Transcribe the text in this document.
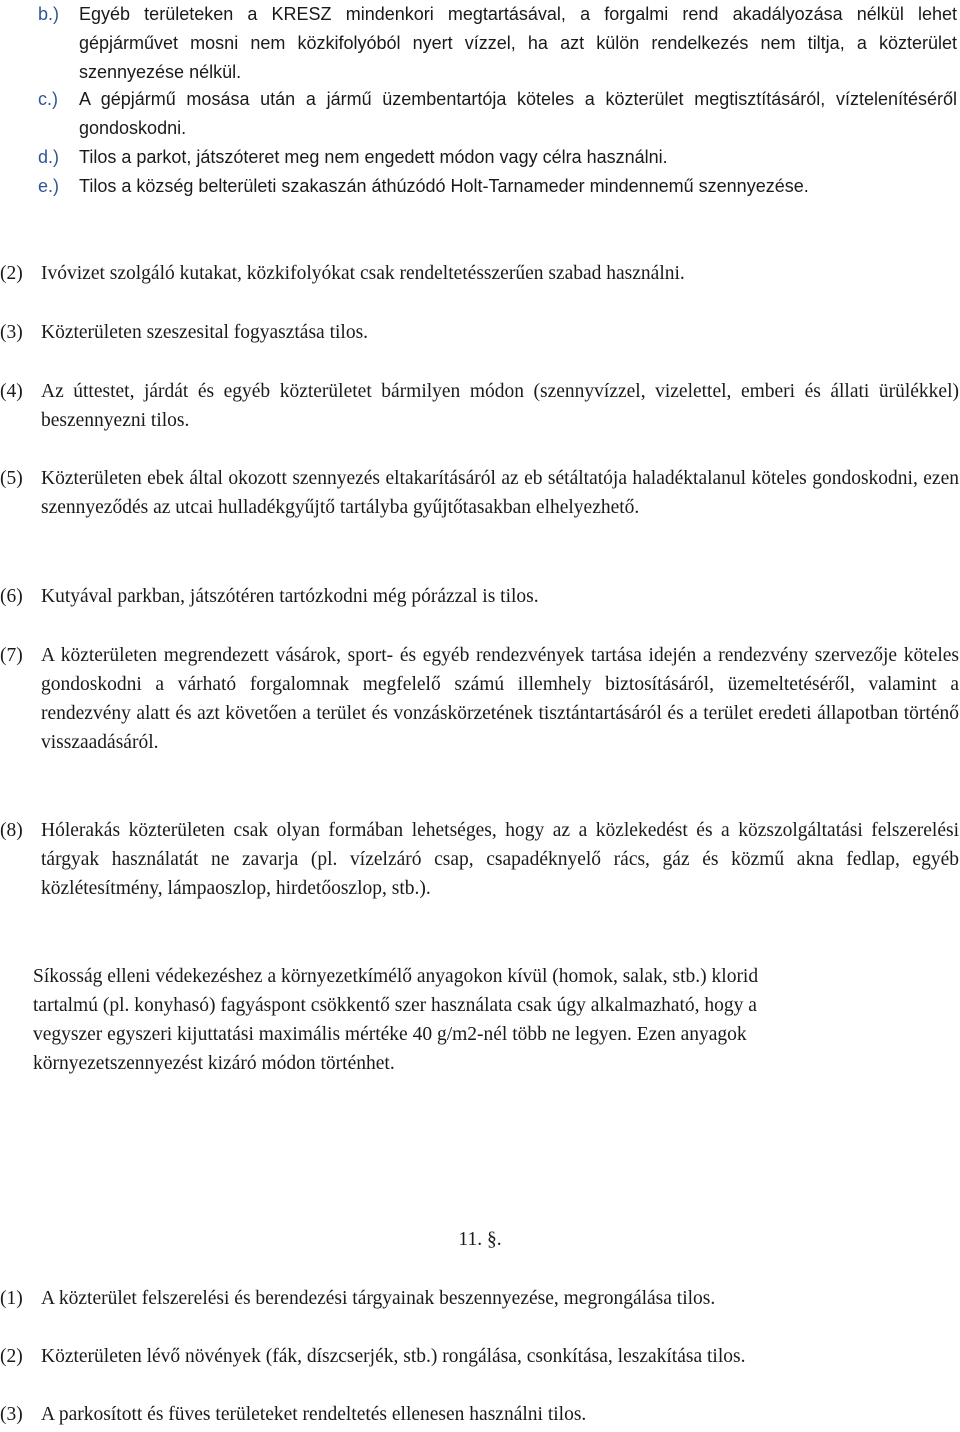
b.) Egyéb területeken a KRESZ mindenkori megtartásával, a forgalmi rend akadályozása nélkül lehet gépjárművet mosni nem közkifolyóból nyert vízzel, ha azt külön rendelkezés nem tiltja, a közterület szennyezése nélkül.
c.) A gépjármű mosása után a jármű üzembentartója köteles a közterület megtisztításáról, víztelenítéséről gondoskodni.
d.) Tilos a parkot, játszóteret meg nem engedett módon vagy célra használni.
e.) Tilos a község belterületi szakaszán áthúzódó Holt-Tarnameder mindennemű szennyezése.
(2) Ivóvizet szolgáló kutakat, közkifolyókat csak rendeltetésszerűen szabad használni.
(3) Közterületen szeszesital fogyasztása tilos.
(4) Az úttestet, járdát és egyéb közterületet bármilyen módon (szennyvízzel, vizelettel, emberi és állati ürülékkel) beszennyezni tilos.
(5) Közterületen ebek által okozott szennyezés eltakarításáról az eb sétáltatója haladéktalanul köteles gondoskodni, ezen szennyeződés az utcai hulladékgyűjtő tartályba gyűjtőtasakban elhelyezhető.
(6) Kutyával parkban, játszótéren tartózkodni még pórázzal is tilos.
(7) A közterületen megrendezett vásárok, sport- és egyéb rendezvények tartása idején a rendezvény szervezője köteles gondoskodni a várható forgalomnak megfelelő számú illemhely biztosításáról, üzemeltetéséről, valamint a rendezvény alatt és azt követően a terület és vonzáskörzetének tisztántartásáról és a terület eredeti állapotban történő visszaadásáról.
(8) Hólerakás közterületen csak olyan formában lehetséges, hogy az a közlekedést és a közszolgáltatási felszerelési tárgyak használatát ne zavarja (pl. vízelzáró csap, csapadéknyelő rács, gáz és közmű akna fedlap, egyéb közlétesítmény, lámpaoszlop, hirdetőoszlop, stb.).
Síkosság elleni védekezéshez a környezetkímélő anyagokon kívül (homok, salak, stb.) klorid tartalmú (pl. konyhasó) fagyáspont csökkentő szer használata csak úgy alkalmazható, hogy a vegyszer egyszeri kijuttatási maximális mértéke 40 g/m2-nél több ne legyen. Ezen anyagok környezetszennyezést kizáró módon történhet.
11. §.
(1) A közterület felszerelési és berendezési tárgyainak beszennyezése, megrongálása tilos.
(2) Közterületen lévő növények (fák, díszcserjék, stb.) rongálása, csonkítása, leszakítása tilos.
(3) A parkosított és füves területeket rendeltetés ellenesen használni tilos.
